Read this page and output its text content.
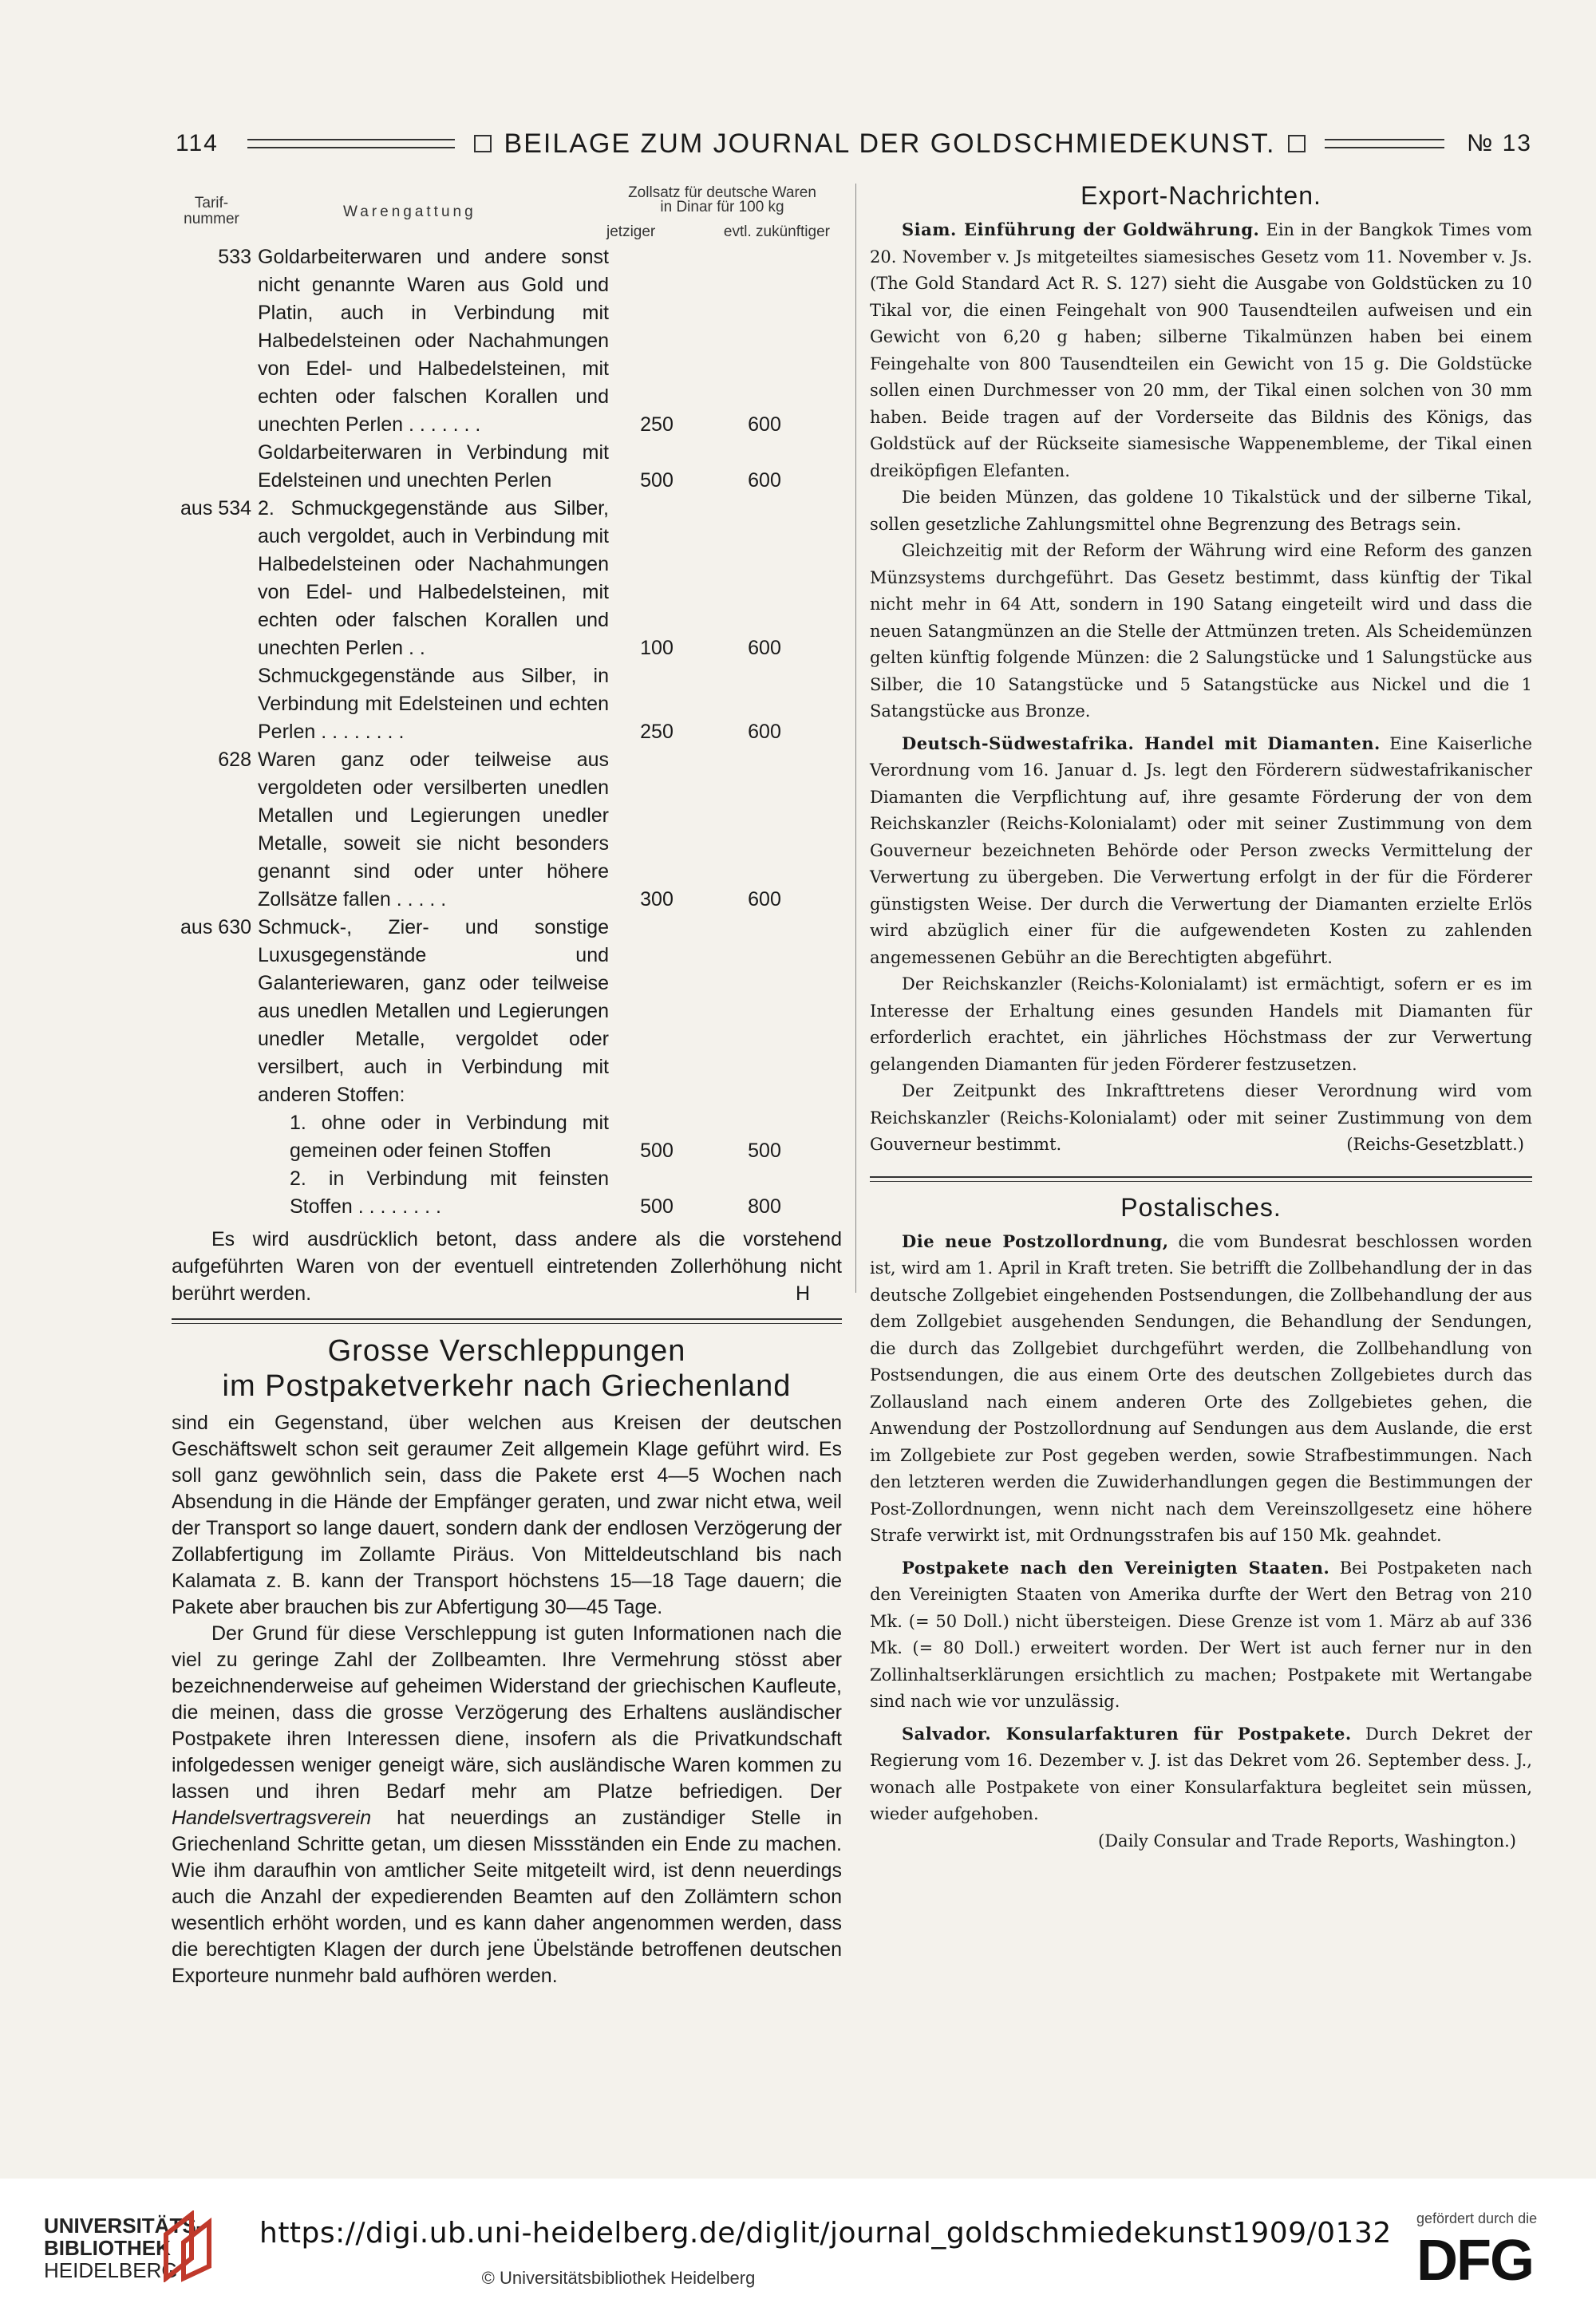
114	BEILAGE ZUM JOURNAL DER GOLDSCHMIEDEKUNST.	№ 13
Tarif-
nummer	Warengattung
Zollsatz für deutsche Waren
in Dinar für 100 kg
jetziger	evtl. zukünftiger
533 Goldarbeiterwaren und andere sonst nicht genannte Waren aus Gold und Platin, auch in Verbindung mit Halbedelsteinen oder Nachahmungen von Edel- und Halbedelsteinen, mit echten oder falschen Korallen und unechten Perlen . . . . . . .	250	600
Goldarbeiterwaren in Verbindung mit Edelsteinen und unechten Perlen	500	600
aus 534 2. Schmuckgegenstände aus Silber, auch vergoldet, auch in Verbindung mit Halbedelsteinen oder Nachahmungen von Edel- und Halbedelsteinen, mit echten oder falschen Korallen und unechten Perlen . .	100	600
Schmuckgegenstände aus Silber, in Verbindung mit Edelsteinen und echten Perlen . . . . . . . .	250	600
628 Waren ganz oder teilweise aus vergoldeten oder versilberten unedlen Metallen und Legierungen unedler Metalle, soweit sie nicht besonders genannt sind oder unter höhere Zollsätze fallen . . . . .	300	600
aus 630 Schmuck-, Zier- und sonstige Luxusgegenstände und Galanteriewaren, ganz oder teilweise aus unedlen Metallen und Legierungen unedler Metalle, vergoldet oder versilbert, auch in Verbindung mit anderen Stoffen:
1. ohne oder in Verbindung mit gemeinen oder feinen Stoffen	500	500
2. in Verbindung mit feinsten Stoffen . . . . . . . .	500	800
Es wird ausdrücklich betont, dass andere als die vorstehend aufgeführten Waren von der eventuell eintretenden Zollerhöhung nicht berührt werden.	H
Grosse Verschleppungen
im Postpaketverkehr nach Griechenland

sind ein Gegenstand, über welchen aus Kreisen der deutschen Geschäftswelt schon seit geraumer Zeit allgemein Klage geführt wird. Es soll ganz gewöhnlich sein, dass die Pakete erst 4—5 Wochen nach Absendung in die Hände der Empfänger geraten, und zwar nicht etwa, weil der Transport so lange dauert, sondern dank der endlosen Verzögerung der Zollabfertigung im Zollamte Piräus. Von Mitteldeutschland bis nach Kalamata z. B. kann der Transport höchstens 15—18 Tage dauern; die Pakete aber brauchen bis zur Abfertigung 30—45 Tage.

Der Grund für diese Verschleppung ist guten Informationen nach die viel zu geringe Zahl der Zollbeamten. Ihre Vermehrung stösst aber bezeichnenderweise auf geheimen Widerstand der griechischen Kaufleute, die meinen, dass die grosse Verzögerung des Erhaltens ausländischer Postpakete ihren Interessen diene, insofern als die Privatkundschaft infolgedessen weniger geneigt wäre, sich ausländische Waren kommen zu lassen und ihren Bedarf mehr am Platze befriedigen. Der Handelsvertragsverein hat neuerdings an zuständiger Stelle in Griechenland Schritte getan, um diesen Missständen ein Ende zu machen. Wie ihm daraufhin von amtlicher Seite mitgeteilt wird, ist denn neuerdings auch die Anzahl der expedierenden Beamten auf den Zollämtern schon wesentlich erhöht worden, und es kann daher angenommen werden, dass die berechtigten Klagen der durch jene Übelstände betroffenen deutschen Exporteure nunmehr bald aufhören werden.

Export-Nachrichten.

Siam. Einführung der Goldwährung. Ein in der Bangkok Times vom 20. November v. Js mitgeteiltes siamesisches Gesetz vom 11. November v. Js. (The Gold Standard Act R. S. 127) sieht die Ausgabe von Goldstücken zu 10 Tikal vor, die einen Feingehalt von 900 Tausendteilen aufweisen und ein Gewicht von 6,20 g haben; silberne Tikalmünzen haben bei einem Feingehalte von 800 Tausendteilen ein Gewicht von 15 g. Die Goldstücke sollen einen Durchmesser von 20 mm, der Tikal einen solchen von 30 mm haben. Beide tragen auf der Vorderseite das Bildnis des Königs, das Goldstück auf der Rückseite siamesische Wappenembleme, der Tikal einen dreiköpfigen Elefanten.

Die beiden Münzen, das goldene 10 Tikalstück und der silberne Tikal, sollen gesetzliche Zahlungsmittel ohne Begrenzung des Betrags sein.

Gleichzeitig mit der Reform der Währung wird eine Reform des ganzen Münzsystems durchgeführt. Das Gesetz bestimmt, dass künftig der Tikal nicht mehr in 64 Att, sondern in 190 Satang eingeteilt wird und dass die neuen Satangmünzen an die Stelle der Attmünzen treten. Als Scheidemünzen gelten künftig folgende Münzen: die 2 Salungstücke und 1 Salungstücke aus Silber, die 10 Satangstücke und 5 Satangstücke aus Nickel und die 1 Satangstücke aus Bronze.

Deutsch-Südwestafrika. Handel mit Diamanten. Eine Kaiserliche Verordnung vom 16. Januar d. Js. legt den Förderern südwestafrikanischer Diamanten die Verpflichtung auf, ihre gesamte Förderung der von dem Reichskanzler (Reichs-Kolonialamt) oder mit seiner Zustimmung von dem Gouverneur bezeichneten Behörde oder Person zwecks Vermittelung der Verwertung zu übergeben. Die Verwertung erfolgt in der für die Förderer günstigsten Weise. Der durch die Verwertung der Diamanten erzielte Erlös wird abzüglich einer für die aufgewendeten Kosten zu zahlenden angemessenen Gebühr an die Berechtigten abgeführt.

Der Reichskanzler (Reichs-Kolonialamt) ist ermächtigt, sofern er es im Interesse der Erhaltung eines gesunden Handels mit Diamanten für erforderlich erachtet, ein jährliches Höchstmass der zur Verwertung gelangenden Diamanten für jeden Förderer festzusetzen.

Der Zeitpunkt des Inkrafttretens dieser Verordnung wird vom Reichskanzler (Reichs-Kolonialamt) oder mit seiner Zustimmung von dem Gouverneur bestimmt.	(Reichs-Gesetzblatt.)

Postalisches.

Die neue Postzollordnung, die vom Bundesrat beschlossen worden ist, wird am 1. April in Kraft treten. Sie betrifft die Zollbehandlung der in das deutsche Zollgebiet eingehenden Postsendungen, die Zollbehandlung der aus dem Zollgebiet ausgehenden Sendungen, die Behandlung der Sendungen, die durch das Zollgebiet durchgeführt werden, die Zollbehandlung von Postsendungen, die aus einem Orte des deutschen Zollgebietes durch das Zollausland nach einem anderen Orte des Zollgebietes gehen, die Anwendung der Postzollordnung auf Sendungen aus dem Auslande, die erst im Zollgebiete zur Post gegeben werden, sowie Strafbestimmungen. Nach den letzteren werden die Zuwiderhandlungen gegen die Bestimmungen der Post-Zollordnungen, wenn nicht nach dem Vereinszollgesetz eine höhere Strafe verwirkt ist, mit Ordnungsstrafen bis auf 150 Mk. geahndet.

Postpakete nach den Vereinigten Staaten. Bei Postpaketen nach den Vereinigten Staaten von Amerika durfte der Wert den Betrag von 210 Mk. (= 50 Doll.) nicht übersteigen. Diese Grenze ist vom 1. März ab auf 336 Mk. (= 80 Doll.) erweitert worden. Der Wert ist auch ferner nur in den Zollinhaltserklärungen ersichtlich zu machen; Postpakete mit Wertangabe sind nach wie vor unzulässig.

Salvador. Konsularfakturen für Postpakete. Durch Dekret der Regierung vom 16. Dezember v. J. ist das Dekret vom 26. September dess. J., wonach alle Postpakete von einer Konsularfaktura begleitet sein müssen, wieder aufgehoben.

(Daily Consular and Trade Reports, Washington.)
UNIVERSITÄTS-
BIBLIOTHEK
HEIDELBERG
https://digi.ub.uni-heidelberg.de/diglit/journal_goldschmiedekunst1909/0132
© Universitätsbibliothek Heidelberg
gefördert durch die
DFG
